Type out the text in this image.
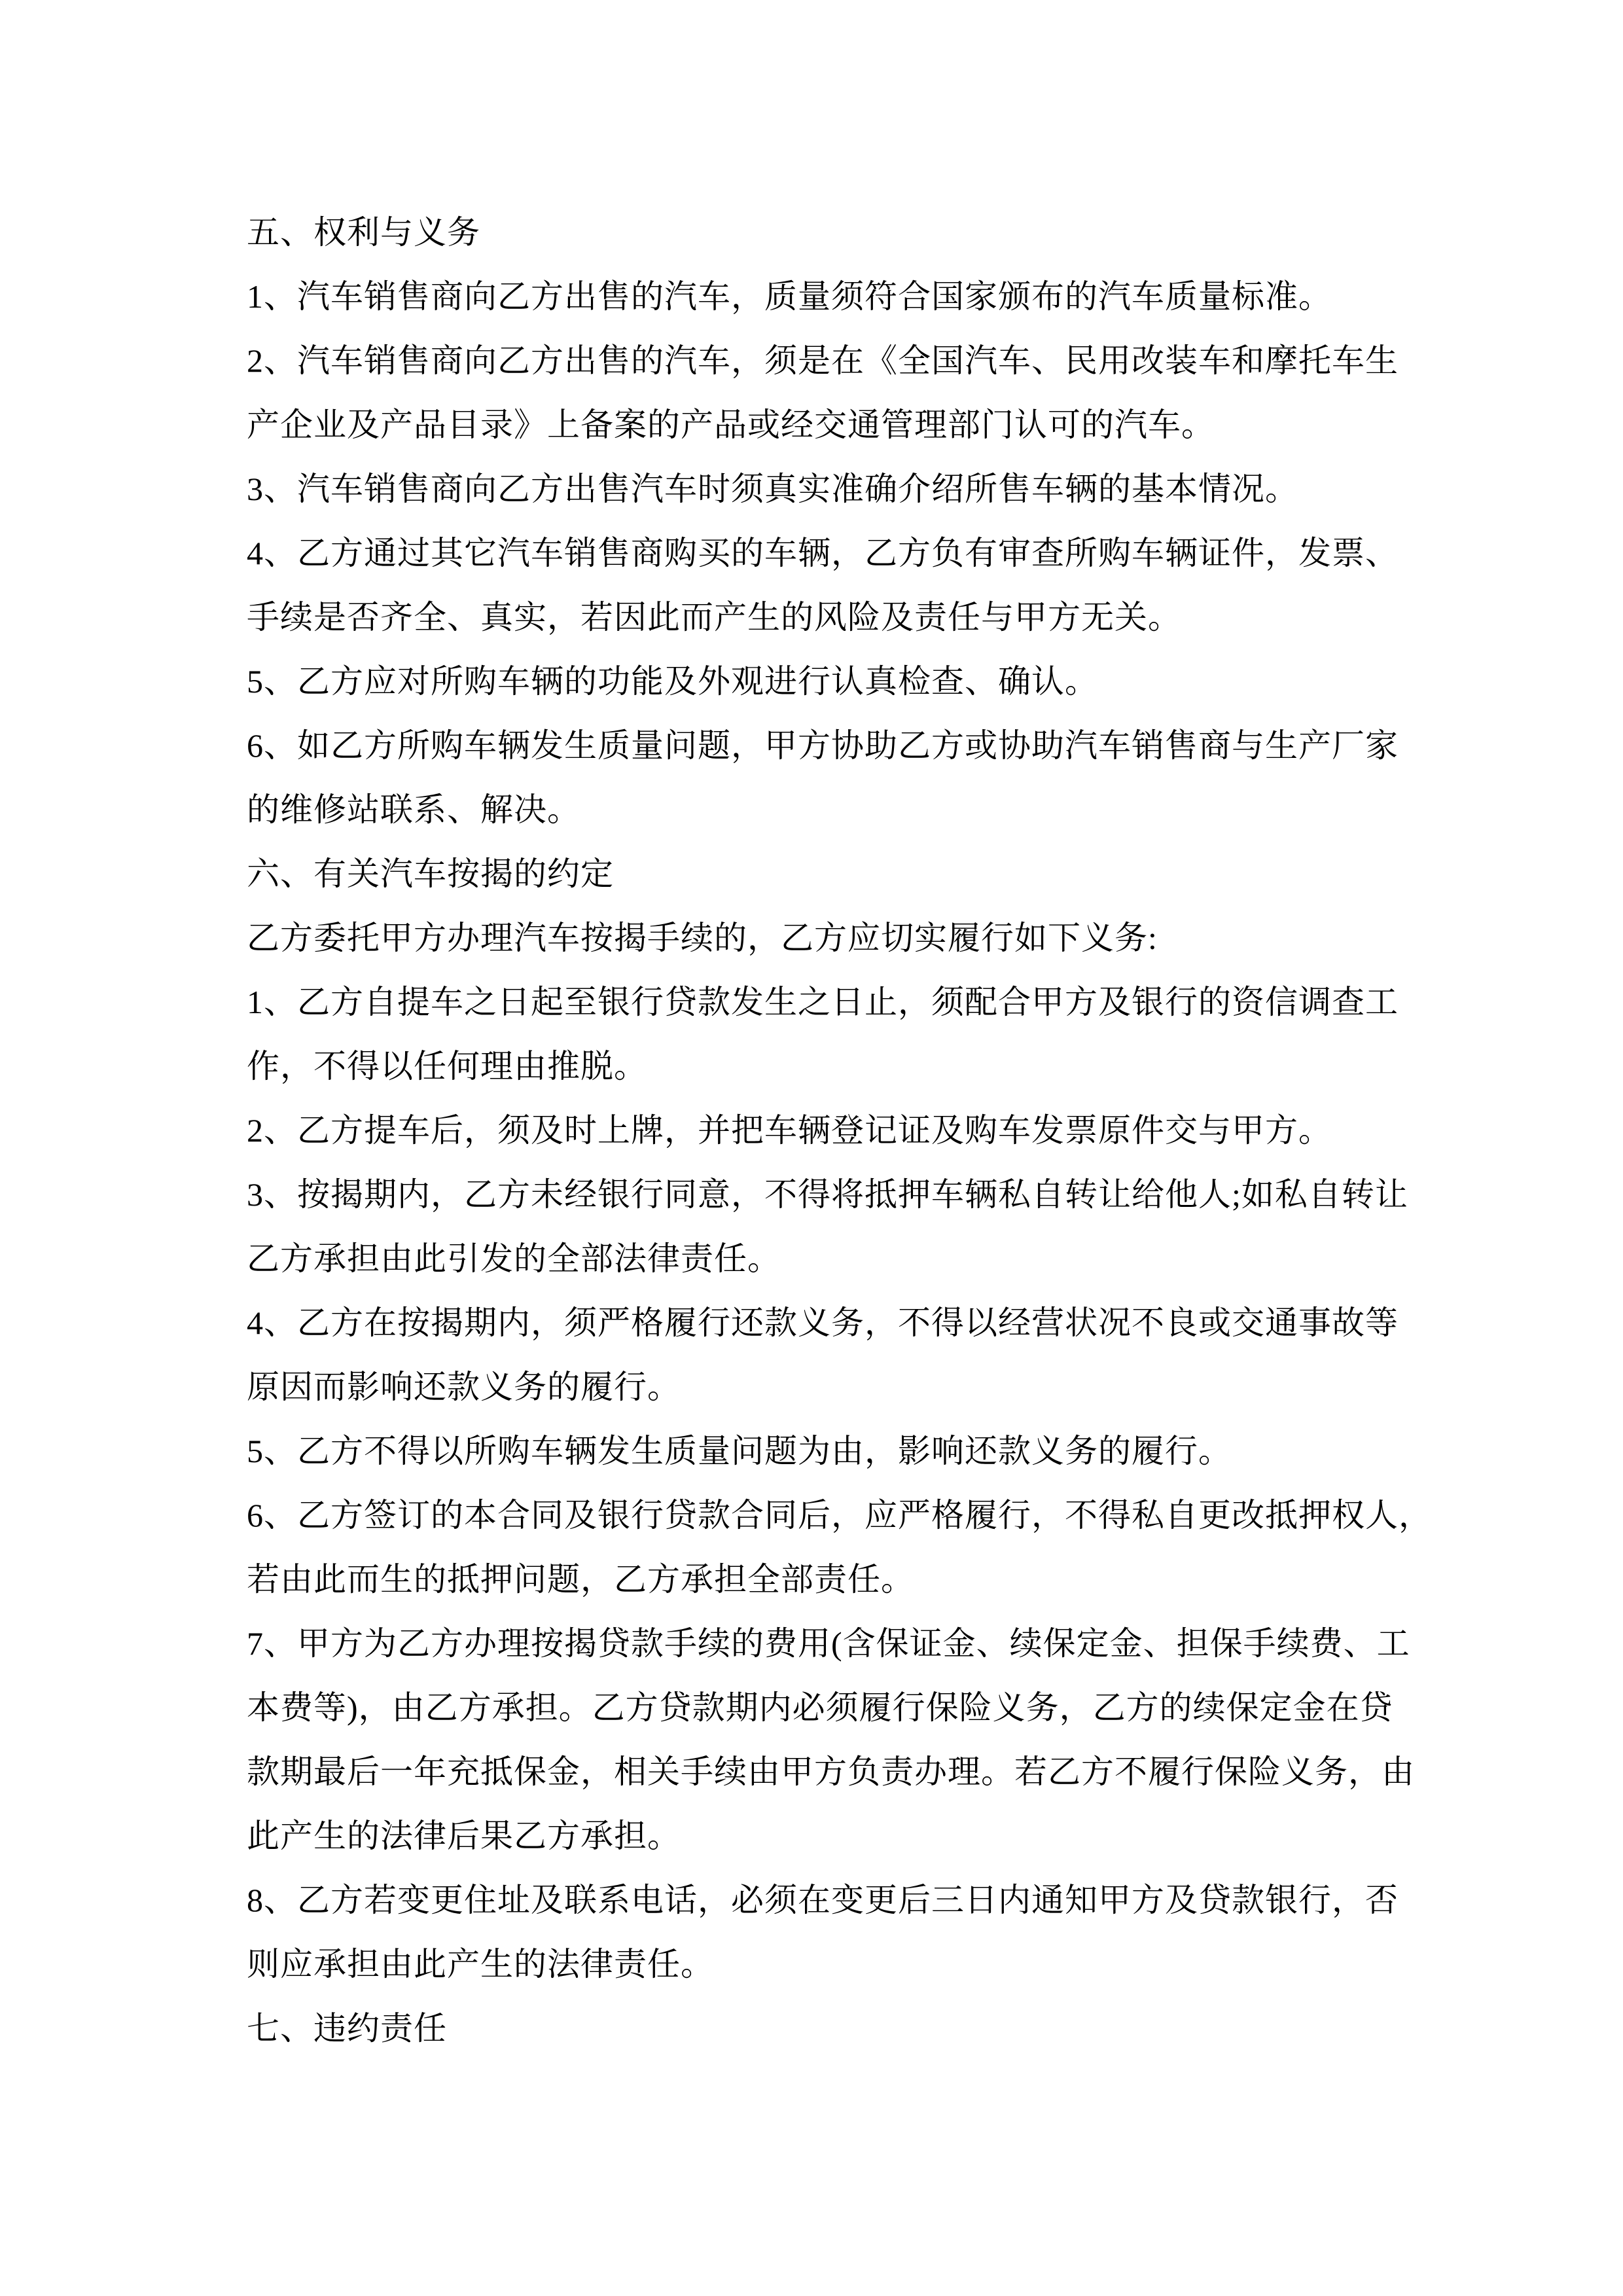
五、权利与义务
1、汽车销售商向乙方出售的汽车，质量须符合国家颁布的汽车质量标准。
2、汽车销售商向乙方出售的汽车，须是在《全国汽车、民用改装车和摩托车生
产企业及产品目录》上备案的产品或经交通管理部门认可的汽车。
3、汽车销售商向乙方出售汽车时须真实准确介绍所售车辆的基本情况。
4、乙方通过其它汽车销售商购买的车辆，乙方负有审查所购车辆证件，发票、
手续是否齐全、真实，若因此而产生的风险及责任与甲方无关。
5、乙方应对所购车辆的功能及外观进行认真检查、确认。
6、如乙方所购车辆发生质量问题，甲方协助乙方或协助汽车销售商与生产厂家
的维修站联系、解决。
六、有关汽车按揭的约定
乙方委托甲方办理汽车按揭手续的，乙方应切实履行如下义务:
1、乙方自提车之日起至银行贷款发生之日止，须配合甲方及银行的资信调查工
作，不得以任何理由推脱。
2、乙方提车后，须及时上牌，并把车辆登记证及购车发票原件交与甲方。
3、按揭期内，乙方未经银行同意，不得将抵押车辆私自转让给他人;如私自转让
乙方承担由此引发的全部法律责任。
4、乙方在按揭期内，须严格履行还款义务，不得以经营状况不良或交通事故等
原因而影响还款义务的履行。
5、乙方不得以所购车辆发生质量问题为由，影响还款义务的履行。
6、乙方签订的本合同及银行贷款合同后，应严格履行，不得私自更改抵押权人，
若由此而生的抵押问题，乙方承担全部责任。
7、甲方为乙方办理按揭贷款手续的费用(含保证金、续保定金、担保手续费、工
本费等)，由乙方承担。乙方贷款期内必须履行保险义务，乙方的续保定金在贷
款期最后一年充抵保金，相关手续由甲方负责办理。若乙方不履行保险义务，由
此产生的法律后果乙方承担。
8、乙方若变更住址及联系电话，必须在变更后三日内通知甲方及贷款银行，否
则应承担由此产生的法律责任。
七、违约责任
